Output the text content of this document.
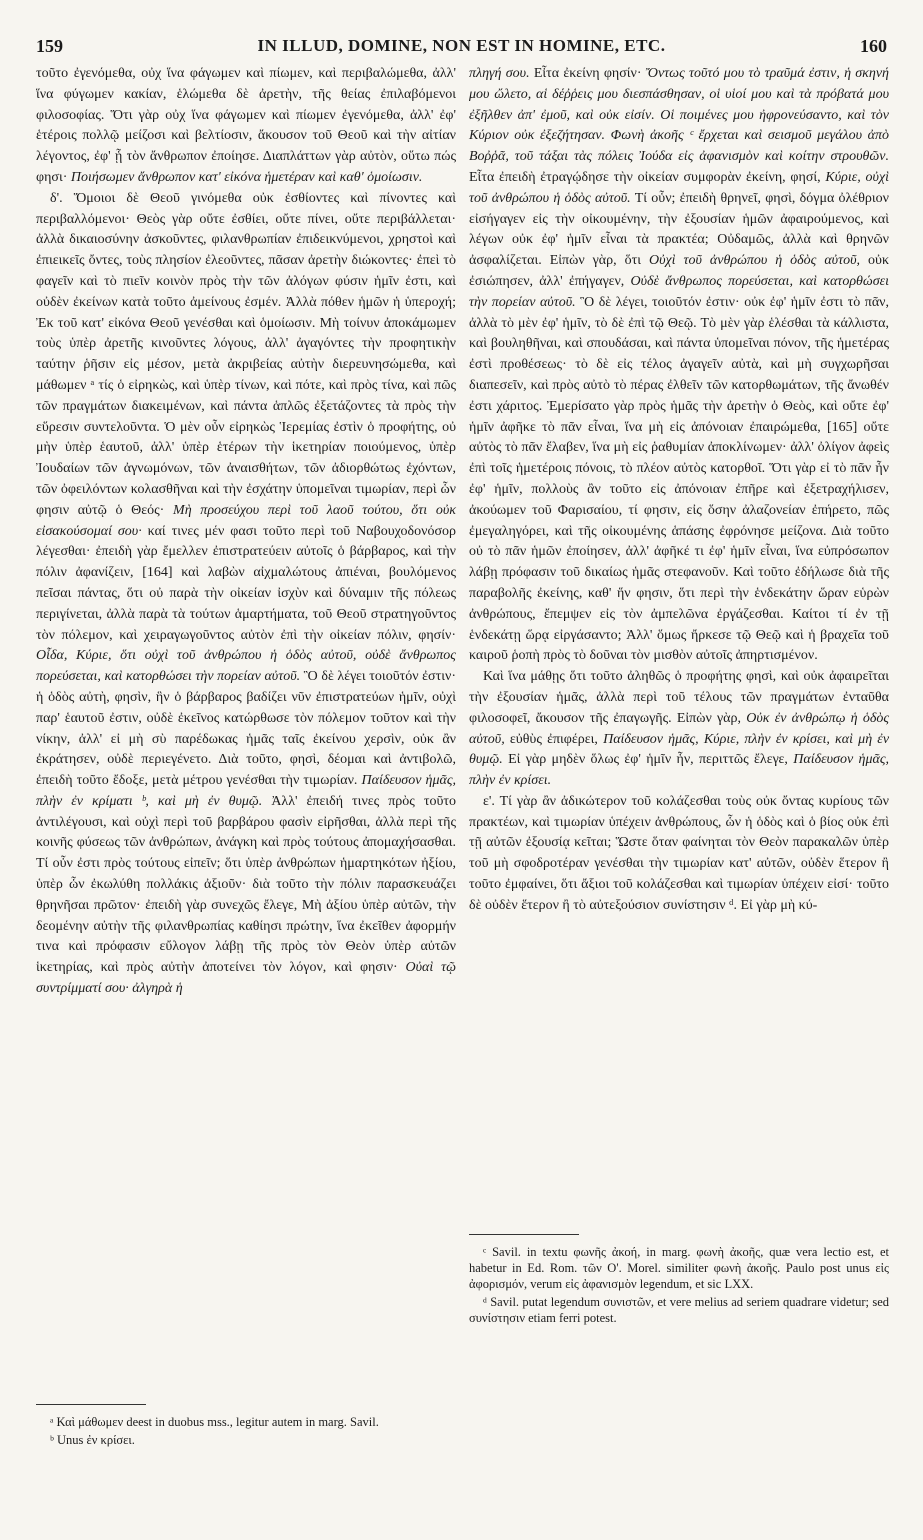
159	IN ILLUD, DOMINE, NON EST IN HOMINE, ETC.	160

τοῦτο ἐγενόμεθα, οὐχ ἵνα φάγωμεν καὶ πίωμεν, καὶ περιβαλώμεθα, ἀλλ' ἵνα φύγωμεν κακίαν, ἑλώμεθα δὲ ἀρετὴν, τῆς θείας ἐπιλαβόμενοι φιλοσοφίας. Ὅτι γὰρ οὐχ ἵνα φάγωμεν καὶ πίωμεν ἐγενόμεθα, ἀλλ' ἐφ' ἑτέροις πολλῷ μείζοσι καὶ βελτίοσιν, ἄκουσον τοῦ Θεοῦ καὶ τὴν αἰτίαν λέγοντος, ἐφ' ᾗ τὸν ἄνθρωπον ἐποίησε. Διαπλάττων γὰρ αὐτὸν, οὕτω πώς φησι· Ποιήσωμεν ἄνθρωπον κατ' εἰκόνα ἡμετέραν καὶ καθ' ὁμοίωσιν.

δ'. Ὅμοιοι δὲ Θεοῦ γινόμεθα οὐκ ἐσθίοντες καὶ πίνοντες καὶ περιβαλλόμενοι· Θεὸς γὰρ οὔτε ἐσθίει, οὔτε πίνει, οὔτε περιβάλλεται· ἀλλὰ δικαιοσύνην ἀσκοῦντες, φιλανθρωπίαν ἐπιδεικνύμενοι, χρηστοὶ καὶ ἐπιεικεῖς ὄντες, τοὺς πλησίον ἐλεοῦντες, πᾶσαν ἀρετὴν διώκοντες· ἐπεὶ τὸ φαγεῖν καὶ τὸ πιεῖν κοινὸν πρὸς τὴν τῶν ἀλόγων φύσιν ἡμῖν ἐστι, καὶ οὐδὲν ἐκείνων κατὰ τοῦτο ἀμείνους ἐσμέν. Ἀλλὰ πόθεν ἡμῶν ἡ ὑπεροχή; Ἐκ τοῦ κατ' εἰκόνα Θεοῦ γενέσθαι καὶ ὁμοίωσιν. Μὴ τοίνυν ἀποκάμωμεν τοὺς ὑπὲρ ἀρετῆς κινοῦντες λόγους, ἀλλ' ἀγαγόντες τὴν προφητικὴν ταύτην ῥῆσιν εἰς μέσον, μετὰ ἀκριβείας αὐτὴν διερευνησώμεθα, καὶ μάθωμεν ᵃ τίς ὁ εἰρηκὼς, καὶ ὑπὲρ τίνων, καὶ πότε, καὶ πρὸς τίνα, καὶ πῶς τῶν πραγμάτων διακειμένων, καὶ πάντα ἁπλῶς ἐξετάζοντες τὰ πρὸς τὴν εὕρεσιν συντελοῦντα. Ὁ μὲν οὖν εἰρηκὼς Ἱερεμίας ἐστὶν ὁ προφήτης, οὐ μὴν ὑπὲρ ἑαυτοῦ, ἀλλ' ὑπὲρ ἑτέρων τὴν ἱκετηρίαν ποιούμενος, ὑπὲρ Ἰουδαίων τῶν ἀγνωμόνων, τῶν ἀναισθήτων, τῶν ἀδιορθώτως ἐχόντων, τῶν ὀφειλόντων κολασθῆναι καὶ τὴν ἐσχάτην ὑπομεῖναι τιμωρίαν, περὶ ὧν φησιν αὐτῷ ὁ Θεός· Μὴ προσεύχου περὶ τοῦ λαοῦ τούτου, ὅτι οὐκ εἰσακούσομαί σου· καί τινες μέν φασι τοῦτο περὶ τοῦ Ναβουχοδονόσορ λέγεσθαι· ἐπειδὴ γὰρ ἔμελλεν ἐπιστρατεύειν αὐτοῖς ὁ βάρβαρος, καὶ τὴν πόλιν ἀφανίζειν, [164] καὶ λαβὼν αἰχμαλώτους ἀπιέναι, βουλόμενος πεῖσαι πάντας, ὅτι οὐ παρὰ τὴν οἰκείαν ἰσχὺν καὶ δύναμιν τῆς πόλεως περιγίνεται, ἀλλὰ παρὰ τὰ τούτων ἁμαρτήματα, τοῦ Θεοῦ στρατηγοῦντος τὸν πόλεμον, καὶ χειραγωγοῦντος αὐτὸν ἐπὶ τὴν οἰκείαν πόλιν, φησίν· Οἶδα, Κύριε, ὅτι οὐχὶ τοῦ ἀνθρώπου ἡ ὁδὸς αὐτοῦ, οὐδὲ ἄνθρωπος πορεύσεται, καὶ κατορθώσει τὴν πορείαν αὐτοῦ. Ὃ δὲ λέγει τοιοῦτόν ἐστιν· ἡ ὁδὸς αὐτὴ, φησὶν, ἣν ὁ βάρβαρος βαδίζει νῦν ἐπιστρατεύων ἡμῖν, οὐχὶ παρ' ἑαυτοῦ ἐστιν, οὐδὲ ἐκεῖνος κατώρθωσε τὸν πόλεμον τοῦτον καὶ τὴν νίκην, ἀλλ' εἰ μὴ σὺ παρέδωκας ἡμᾶς ταῖς ἐκείνου χερσὶν, οὐκ ἂν ἐκράτησεν, οὐδὲ περιεγένετο. Διὰ τοῦτο, φησὶ, δέομαι καὶ ἀντιβολῶ, ἐπειδὴ τοῦτο ἔδοξε, μετὰ μέτρου γενέσθαι τὴν τιμωρίαν. Παίδευσον ἡμᾶς, πλὴν ἐν κρίματι ᵇ, καὶ μὴ ἐν θυμῷ. Ἀλλ' ἐπειδή τινες πρὸς τοῦτο ἀντιλέγουσι, καὶ οὐχὶ περὶ τοῦ βαρβάρου φασὶν εἰρῆσθαι, ἀλλὰ περὶ τῆς κοινῆς φύσεως τῶν ἀνθρώπων, ἀνάγκη καὶ πρὸς τούτους ἀπομαχήσασθαι. Τί οὖν ἐστι πρὸς τούτους εἰπεῖν; ὅτι ὑπὲρ ἀνθρώπων ἡμαρτηκότων ἠξίου, ὑπὲρ ὧν ἐκωλύθη πολλάκις ἀξιοῦν· διὰ τοῦτο τὴν πόλιν παρασκευάζει θρηνῆσαι πρῶτον· ἐπειδὴ γὰρ συνεχῶς ἔλεγε, Μὴ ἀξίου ὑπὲρ αὐτῶν, τὴν δεομένην αὐτὴν τῆς φιλανθρωπίας καθίησι πρώτην, ἵνα ἐκεῖθεν ἀφορμήν τινα καὶ πρόφασιν εὔλογον λάβῃ τῆς πρὸς τὸν Θεὸν ὑπὲρ αὐτῶν ἱκετηρίας, καὶ πρὸς αὐτὴν ἀποτείνει τὸν λόγον, καὶ φησιν· Οὐαὶ τῷ συντρίμματί σου· ἀλγηρὰ ἡ

πληγή σου. Εἶτα ἐκείνη φησίν· Ὄντως τοῦτό μου τὸ τραῦμά ἐστιν, ἡ σκηνή μου ὤλετο, αἱ δέῤῥεις μου διεσπάσθησαν, οἱ υἱοί μου καὶ τὰ πρόβατά μου ἐξῆλθεν ἀπ' ἐμοῦ, καὶ οὐκ εἰσίν. Οἱ ποιμένες μου ἠφρονεύσαντο, καὶ τὸν Κύριον οὐκ ἐξεζήτησαν. Φωνὴ ἀκοῆς ᶜ ἔρχεται καὶ σεισμοῦ μεγάλου ἀπὸ Βοῤῥᾶ, τοῦ τάξαι τὰς πόλεις Ἰούδα εἰς ἀφανισμὸν καὶ κοίτην στρουθῶν. Εἶτα ἐπειδὴ ἐτραγῴδησε τὴν οἰκείαν συμφορὰν ἐκείνη, φησί, Κύριε, οὐχὶ τοῦ ἀνθρώπου ἡ ὁδὸς αὐτοῦ. Τί οὖν; ἐπειδὴ θρηνεῖ, φησὶ, δόγμα ὀλέθριον εἰσήγαγεν εἰς τὴν οἰκουμένην, τὴν ἐξουσίαν ἡμῶν ἀφαιρούμενος, καὶ λέγων οὐκ ἐφ' ἡμῖν εἶναι τὰ πρακτέα; Οὐδαμῶς, ἀλλὰ καὶ θρηνῶν ἀσφαλίζεται. Εἰπὼν γὰρ, ὅτι Οὐχὶ τοῦ ἀνθρώπου ἡ ὁδὸς αὐτοῦ, οὐκ ἐσιώπησεν, ἀλλ' ἐπήγαγεν, Οὐδὲ ἄνθρωπος πορεύσεται, καὶ κατορθώσει τὴν πορείαν αὐτοῦ. Ὃ δὲ λέγει, τοιοῦτόν ἐστιν· οὐκ ἐφ' ἡμῖν ἐστι τὸ πᾶν, ἀλλὰ τὸ μὲν ἐφ' ἡμῖν, τὸ δὲ ἐπὶ τῷ Θεῷ. Τὸ μὲν γὰρ ἑλέσθαι τὰ κάλλιστα, καὶ βουληθῆναι, καὶ σπουδάσαι, καὶ πάντα ὑπομεῖναι πόνον, τῆς ἡμετέρας ἐστὶ προθέσεως· τὸ δὲ εἰς τέλος ἀγαγεῖν αὐτὰ, καὶ μὴ συγχωρῆσαι διαπεσεῖν, καὶ πρὸς αὐτὸ τὸ πέρας ἐλθεῖν τῶν κατορθωμάτων, τῆς ἄνωθέν ἐστι χάριτος. Ἐμερίσατο γὰρ πρὸς ἡμᾶς τὴν ἀρετὴν ὁ Θεὸς, καὶ οὔτε ἐφ' ἡμῖν ἀφῆκε τὸ πᾶν εἶναι, ἵνα μὴ εἰς ἀπόνοιαν ἐπαιρώμεθα, [165] οὔτε αὐτὸς τὸ πᾶν ἔλαβεν, ἵνα μὴ εἰς ῥαθυμίαν ἀποκλίνωμεν· ἀλλ' ὀλίγον ἀφεὶς ἐπὶ τοῖς ἡμετέροις πόνοις, τὸ πλέον αὐτὸς κατορθοῖ. Ὅτι γὰρ εἰ τὸ πᾶν ἦν ἐφ' ἡμῖν, πολλοὺς ἂν τοῦτο εἰς ἀπόνοιαν ἐπῆρε καὶ ἐξετραχήλισεν, ἀκούωμεν τοῦ Φαρισαίου, τί φησιν, εἰς ὅσην ἀλαζονείαν ἐπήρετο, πῶς ἐμεγαληγόρει, καὶ τῆς οἰκουμένης ἁπάσης ἐφρόνησε μείζονα. Διὰ τοῦτο οὐ τὸ πᾶν ἡμῶν ἐποίησεν, ἀλλ' ἀφῆκέ τι ἐφ' ἡμῖν εἶναι, ἵνα εὐπρόσωπον λάβῃ πρόφασιν τοῦ δικαίως ἡμᾶς στεφανοῦν. Καὶ τοῦτο ἐδήλωσε διὰ τῆς παραβολῆς ἐκείνης, καθ' ἥν φησιν, ὅτι περὶ τὴν ἑνδεκάτην ὥραν εὑρὼν ἀνθρώπους, ἔπεμψεν εἰς τὸν ἀμπελῶνα ἐργάζεσθαι. Καίτοι τί ἐν τῇ ἑνδεκάτῃ ὥρᾳ εἰργάσαντο; Ἀλλ' ὅμως ἤρκεσε τῷ Θεῷ καὶ ἡ βραχεῖα τοῦ καιροῦ ῥοπὴ πρὸς τὸ δοῦναι τὸν μισθὸν αὐτοῖς ἀπηρτισμένον.

Καὶ ἵνα μάθῃς ὅτι τοῦτο ἀληθῶς ὁ προφήτης φησὶ, καὶ οὐκ ἀφαιρεῖται τὴν ἐξουσίαν ἡμᾶς, ἀλλὰ περὶ τοῦ τέλους τῶν πραγμάτων ἐνταῦθα φιλοσοφεῖ, ἄκουσον τῆς ἐπαγωγῆς. Εἰπὼν γὰρ, Οὐκ ἐν ἀνθρώπῳ ἡ ὁδὸς αὐτοῦ, εὐθὺς ἐπιφέρει, Παίδευσον ἡμᾶς, Κύριε, πλὴν ἐν κρίσει, καὶ μὴ ἐν θυμῷ. Εἰ γὰρ μηδὲν ὅλως ἐφ' ἡμῖν ἦν, περιττῶς ἔλεγε, Παίδευσον ἡμᾶς, πλὴν ἐν κρίσει.

ε'. Τί γὰρ ἂν ἀδικώτερον τοῦ κολάζεσθαι τοὺς οὐκ ὄντας κυρίους τῶν πρακτέων, καὶ τιμωρίαν ὑπέχειν ἀνθρώπους, ὧν ἡ ὁδὸς καὶ ὁ βίος οὐκ ἐπὶ τῇ αὐτῶν ἐξουσίᾳ κεῖται; Ὥστε ὅταν φαίνηται τὸν Θεὸν παρακαλῶν ὑπὲρ τοῦ μὴ σφοδροτέραν γενέσθαι τὴν τιμωρίαν κατ' αὐτῶν, οὐδὲν ἕτερον ἢ τοῦτο ἐμφαίνει, ὅτι ἄξιοι τοῦ κολάζεσθαι καὶ τιμωρίαν ὑπέχειν εἰσί· τοῦτο δὲ οὐδὲν ἕτερον ἢ τὸ αὐτεξούσιον συνίστησιν ᵈ. Εἰ γὰρ μὴ κύ-

ᵃ Καὶ μάθωμεν deest in duobus mss., legitur autem in marg. Savil.

ᵇ Unus ἐν κρίσει.

ᶜ Savil. in textu φωνῆς ἀκοή, in marg. φωνὴ ἀκοῆς, quæ vera lectio est, et habetur in Ed. Rom. τῶν Ο'. Morel. similiter φωνὴ ἀκοῆς. Paulo post unus εἰς ἀφορισμόν, verum εἰς ἀφανισμὸν legendum, et sic LXX.

ᵈ Savil. putat legendum συνιστῶν, et vere melius ad seriem quadrare videtur; sed συνίστησιν etiam ferri potest.
